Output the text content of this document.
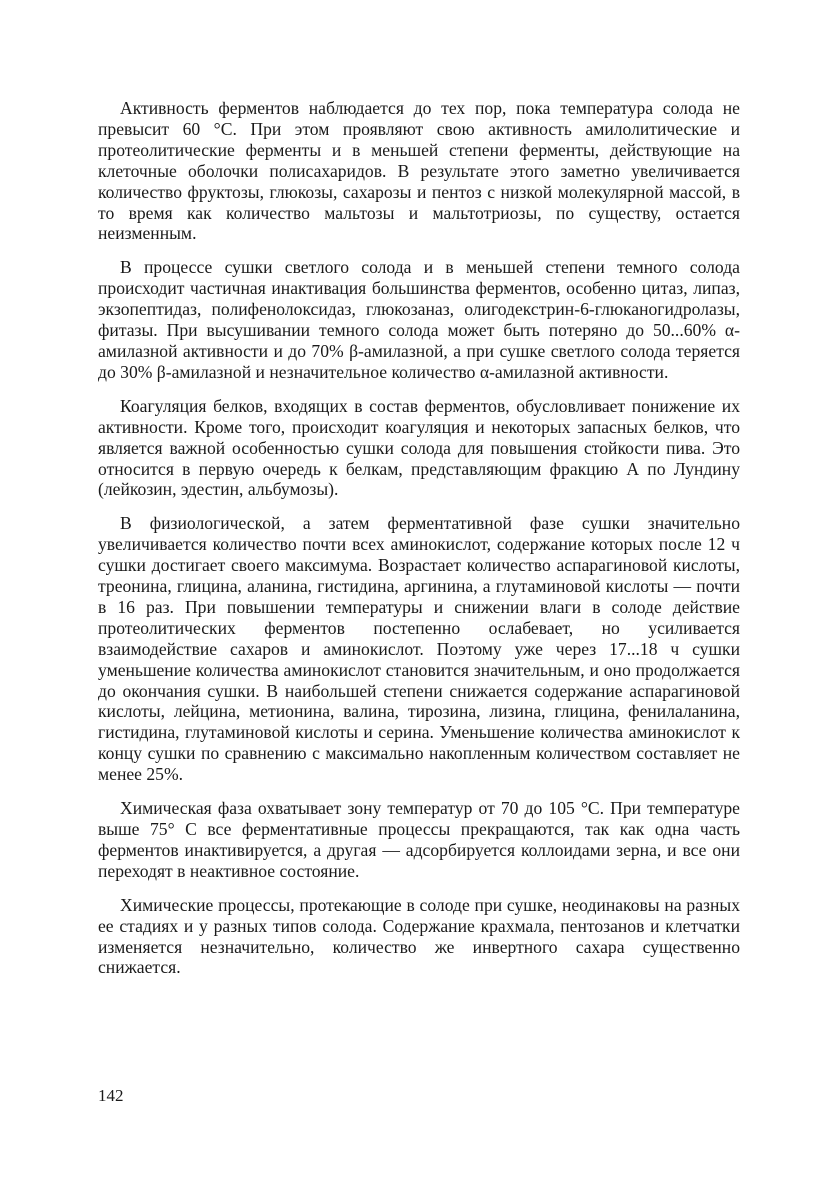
Активность ферментов наблюдается до тех пор, пока температура солода не превысит 60 °C. При этом проявляют свою активность амилолитические и протеолитические ферменты и в меньшей степени ферменты, действующие на клеточные оболочки полисахаридов. В результате этого заметно увеличивается количество фруктозы, глюкозы, сахарозы и пентоз с низкой молекулярной массой, в то время как количество мальтозы и мальтотриозы, по существу, остается неизменным.

В процессе сушки светлого солода и в меньшей степени темного солода происходит частичная инактивация большинства ферментов, особенно цитаз, липаз, экзопептидаз, полифенолоксидаз, глюкозаназ, олигодекстрин-6-глюканогидролазы, фитазы. При высушивании темного солода может быть потеряно до 50...60% α-амилазной активности и до 70% β-амилазной, а при сушке светлого солода теряется до 30% β-амилазной и незначительное количество α-амилазной активности.

Коагуляция белков, входящих в состав ферментов, обусловливает понижение их активности. Кроме того, происходит коагуляция и некоторых запасных белков, что является важной особенностью сушки солода для повышения стойкости пива. Это относится в первую очередь к белкам, представляющим фракцию А по Лундину (лейкозин, эдестин, альбумозы).

В физиологической, а затем ферментативной фазе сушки значительно увеличивается количество почти всех аминокислот, содержание которых после 12 ч сушки достигает своего максимума. Возрастает количество аспарагиновой кислоты, треонина, глицина, аланина, гистидина, аргинина, а глутаминовой кислоты — почти в 16 раз. При повышении температуры и снижении влаги в солоде действие протеолитических ферментов постепенно ослабевает, но усиливается взаимодействие сахаров и аминокислот. Поэтому уже через 17...18 ч сушки уменьшение количества аминокислот становится значительным, и оно продолжается до окончания сушки. В наибольшей степени снижается содержание аспарагиновой кислоты, лейцина, метионина, валина, тирозина, лизина, глицина, фенилаланина, гистидина, глутаминовой кислоты и серина. Уменьшение количества аминокислот к концу сушки по сравнению с максимально накопленным количеством составляет не менее 25%.

Химическая фаза охватывает зону температур от 70 до 105 °C. При температуре выше 75° C все ферментативные процессы прекращаются, так как одна часть ферментов инактивируется, а другая — адсорбируется коллоидами зерна, и все они переходят в неактивное состояние.

Химические процессы, протекающие в солоде при сушке, неодинаковы на разных ее стадиях и у разных типов солода. Содержание крахмала, пентозанов и клетчатки изменяется незначительно, количество же инвертного сахара существенно снижается.

142
